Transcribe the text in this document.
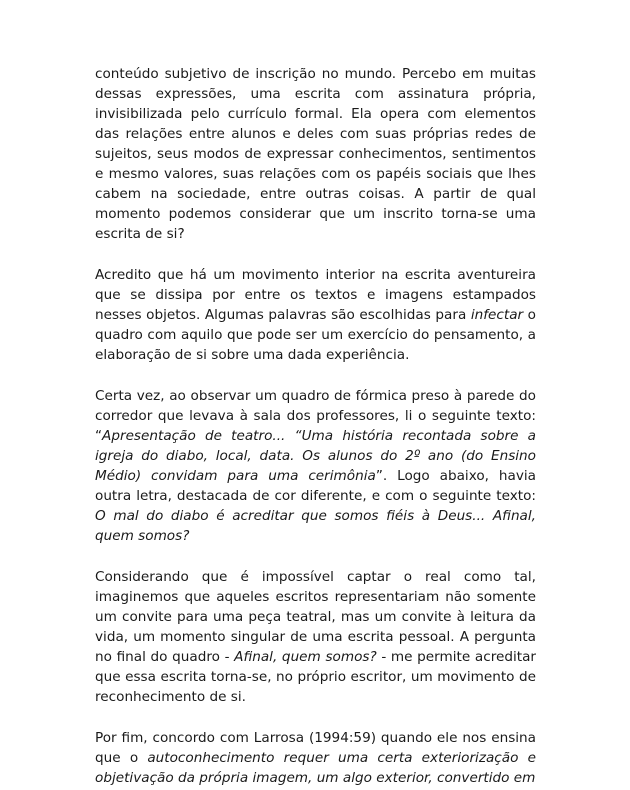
conteúdo subjetivo de inscrição no mundo. Percebo em muitas dessas expressões, uma escrita com assinatura própria, invisibilizada pelo currículo formal. Ela opera com elementos das relações entre alunos e deles com suas próprias redes de sujeitos, seus modos de expressar conhecimentos, sentimentos e mesmo valores, suas relações com os papéis sociais que lhes cabem na sociedade, entre outras coisas. A partir de qual momento podemos considerar que um inscrito torna-se uma escrita de si?

Acredito que há um movimento interior na escrita aventureira que se dissipa por entre os textos e imagens estampados nesses objetos. Algumas palavras são escolhidas para infectar o quadro com aquilo que pode ser um exercício do pensamento, a elaboração de si sobre uma dada experiência.

Certa vez, ao observar um quadro de fórmica preso à parede do corredor que levava à sala dos professores, li o seguinte texto: “Apresentação de teatro... “Uma história recontada sobre a igreja do diabo, local, data. Os alunos do 2º ano (do Ensino Médio) convidam para uma cerimônia”. Logo abaixo, havia outra letra, destacada de cor diferente, e com o seguinte texto: O mal do diabo é acreditar que somos fiéis à Deus... Afinal, quem somos?

Considerando que é impossível captar o real como tal, imaginemos que aqueles escritos representariam não somente um convite para uma peça teatral, mas um convite à leitura da vida, um momento singular de uma escrita pessoal. A pergunta no final do quadro - Afinal, quem somos? - me permite acreditar que essa escrita torna-se, no próprio escritor, um movimento de reconhecimento de si.

Por fim, concordo com Larrosa (1994:59) quando ele nos ensina que o autoconhecimento requer uma certa exteriorização e objetivação da própria imagem, um algo exterior, convertido em
